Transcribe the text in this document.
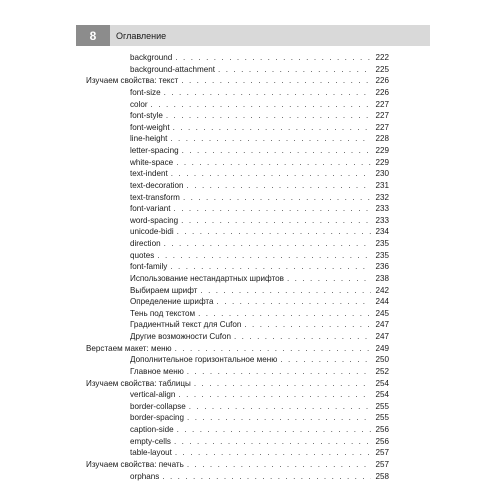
8	Оглавление
background . . .	222
background-attachment . . .	225
Изучаем свойства: текст . . .	226
font-size . . .	226
color . . .	227
font-style . . .	227
font-weight . . .	227
line-height . . .	228
letter-spacing . . .	229
white-space . . .	229
text-indent . . .	230
text-decoration . . .	231
text-transform . . .	232
font-variant . . .	233
word-spacing . . .	233
unicode-bidi . . .	234
direction . . .	235
quotes . . .	235
font-family . . .	236
Использование нестандартных шрифтов . . .	238
Выбираем шрифт . . .	242
Определение шрифта . . .	244
Тень под текстом . . .	245
Градиентный текст для Cufon . . .	247
Другие возможности Cufon . . .	247
Верстаем макет: меню . . .	249
Дополнительное горизонтальное меню . . .	250
Главное меню . . .	252
Изучаем свойства: таблицы . . .	254
vertical-align . . .	254
border-collapse . . .	255
border-spacing . . .	255
caption-side . . .	256
empty-cells . . .	256
table-layout . . .	257
Изучаем свойства: печать . . .	257
orphans . . .	258
